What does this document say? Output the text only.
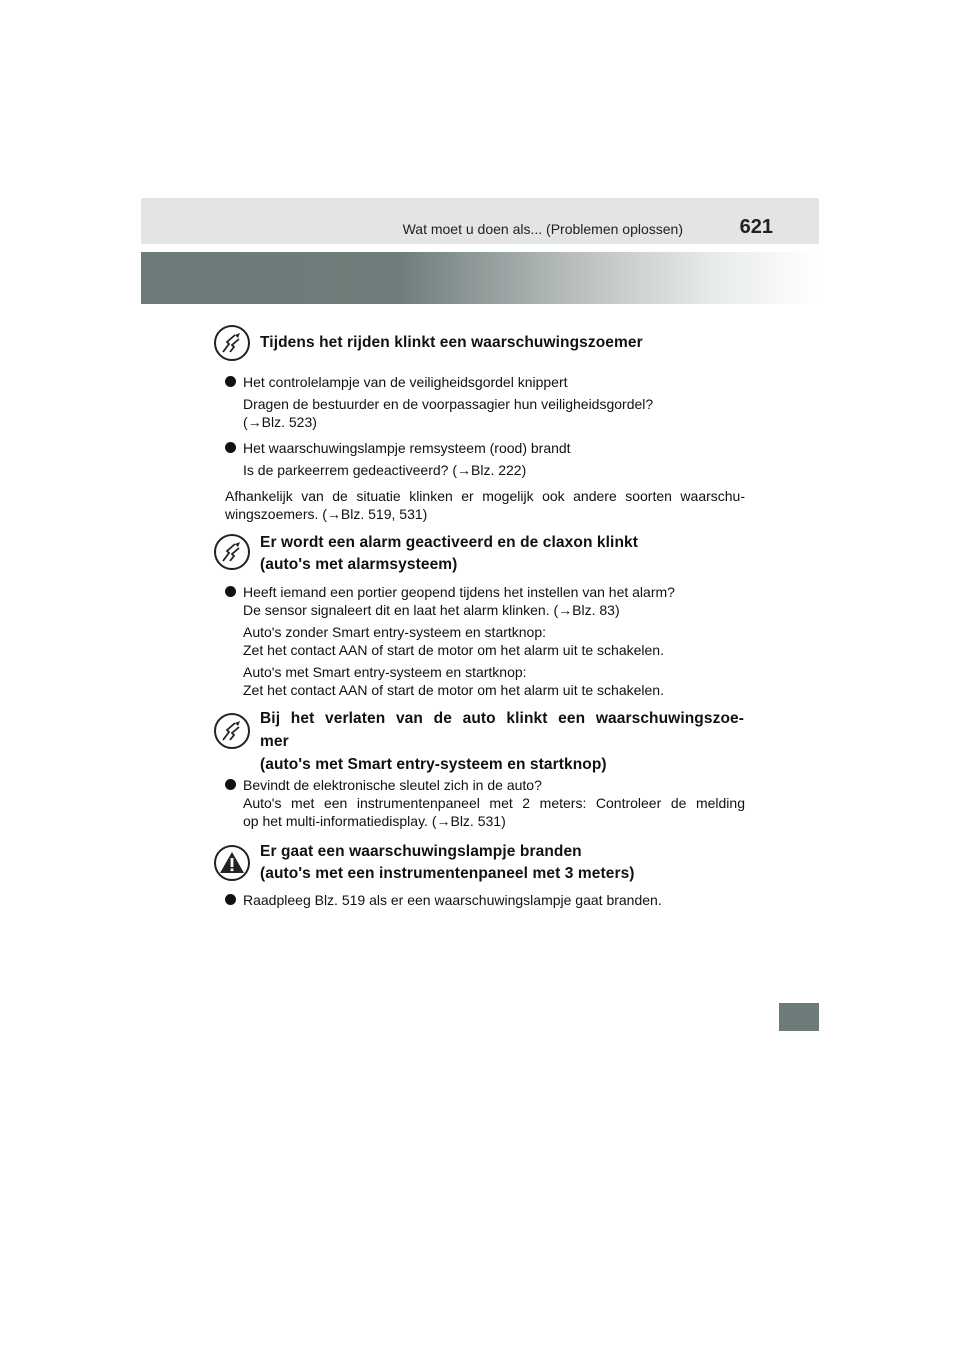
Wat moet u doen als... (Problemen oplossen)	621
Tijdens het rijden klinkt een waarschuwingszoemer
Het controlelampje van de veiligheidsgordel knippert
Dragen de bestuurder en de voorpassagier hun veiligheidsgordel?
(→Blz. 523)
Het waarschuwingslampje remsysteem (rood) brandt
Is de parkeerrem gedeactiveerd? (→Blz. 222)
Afhankelijk van de situatie klinken er mogelijk ook andere soorten waarschu-
wingszoemers. (→Blz. 519, 531)
Er wordt een alarm geactiveerd en de claxon klinkt
(auto's met alarmsysteem)
Heeft iemand een portier geopend tijdens het instellen van het alarm?
De sensor signaleert dit en laat het alarm klinken. (→Blz. 83)
Auto's zonder Smart entry-systeem en startknop:
Zet het contact AAN of start de motor om het alarm uit te schakelen.
Auto's met Smart entry-systeem en startknop:
Zet het contact AAN of start de motor om het alarm uit te schakelen.
Bij het verlaten van de auto klinkt een waarschuwingszoe-
mer
(auto's met Smart entry-systeem en startknop)
Bevindt de elektronische sleutel zich in de auto?
Auto's met een instrumentenpaneel met 2 meters: Controleer de melding
op het multi-informatiedisplay. (→Blz. 531)
Er gaat een waarschuwingslampje branden
(auto's met een instrumentenpaneel met 3 meters)
Raadpleeg Blz. 519 als er een waarschuwingslampje gaat branden.
